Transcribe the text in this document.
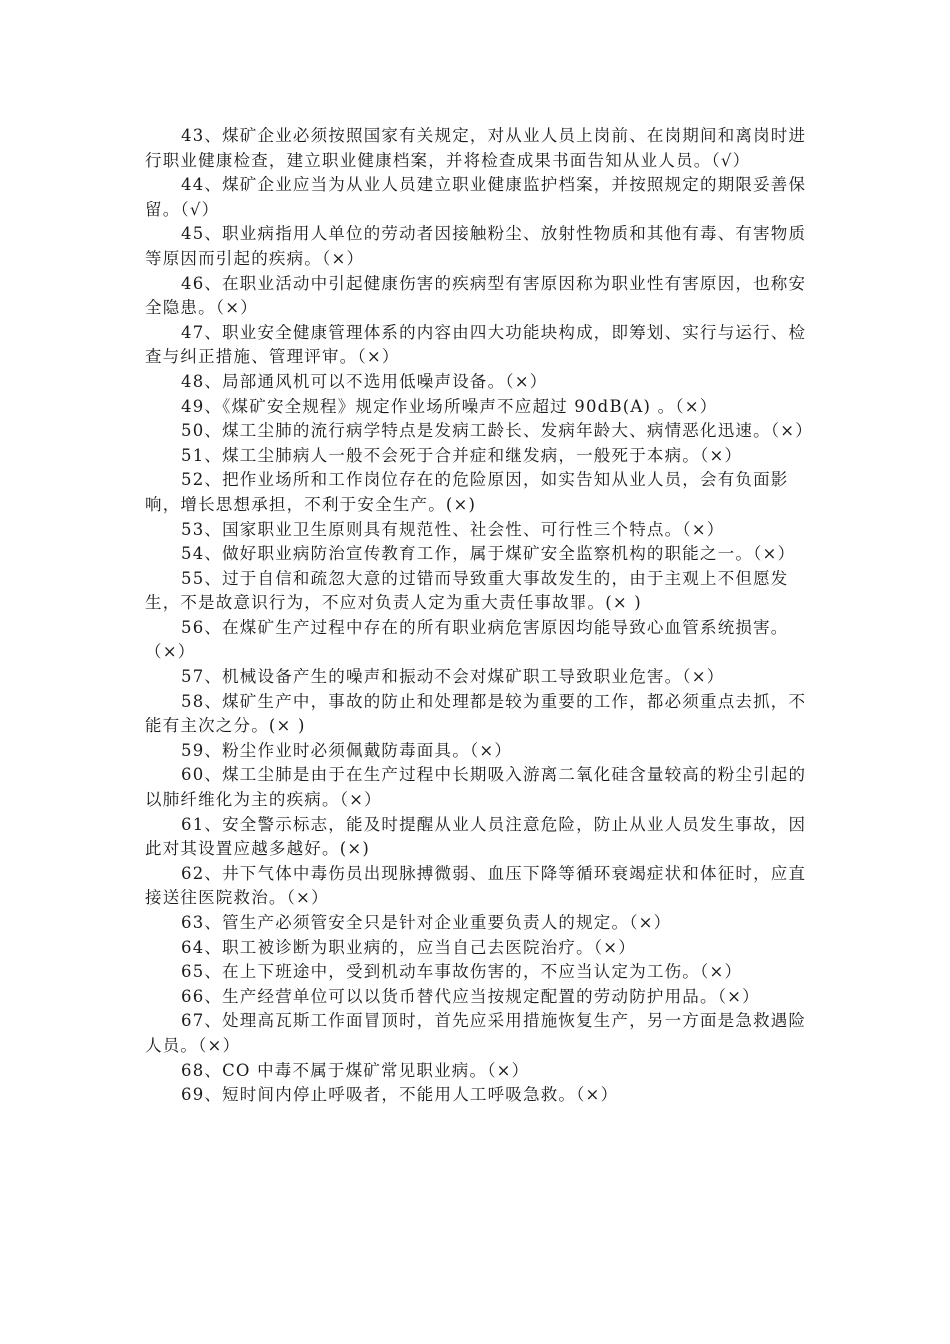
43、煤矿企业必须按照国家有关规定，对从业人员上岗前、在岗期间和离岗时进行职业健康检查，建立职业健康档案，并将检查成果书面告知从业人员。（√）

44、煤矿企业应当为从业人员建立职业健康监护档案，并按照规定的期限妥善保留。（√）

45、职业病指用人单位的劳动者因接触粉尘、放射性物质和其他有毒、有害物质等原因而引起的疾病。（×）

46、在职业活动中引起健康伤害的疾病型有害原因称为职业性有害原因，也称安全隐患。（×）

47、职业安全健康管理体系的内容由四大功能块构成，即筹划、实行与运行、检查与纠正措施、管理评审。（×）

48、局部通风机可以不选用低噪声设备。（×）

49、《煤矿安全规程》规定作业场所噪声不应超过 90dB(A) 。（×）

50、煤工尘肺的流行病学特点是发病工龄长、发病年龄大、病情恶化迅速。（×）

51、煤工尘肺病人一般不会死于合并症和继发病，一般死于本病。（×）

52、把作业场所和工作岗位存在的危险原因，如实告知从业人员，会有负面影响，增长思想承担，不利于安全生产。(×)

53、国家职业卫生原则具有规范性、社会性、可行性三个特点。（×）

54、做好职业病防治宣传教育工作，属于煤矿安全监察机构的职能之一。（×）

55、过于自信和疏忽大意的过错而导致重大事故发生的，由于主观上不但愿发生，不是故意识行为，不应对负责人定为重大责任事故罪。(× )

56、在煤矿生产过程中存在的所有职业病危害原因均能导致心血管系统损害。（×）

57、机械设备产生的噪声和振动不会对煤矿职工导致职业危害。（×）

58、煤矿生产中，事故的防止和处理都是较为重要的工作，都必须重点去抓，不能有主次之分。(× )

59、粉尘作业时必须佩戴防毒面具。（×）

60、煤工尘肺是由于在生产过程中长期吸入游离二氧化硅含量较高的粉尘引起的以肺纤维化为主的疾病。（×）

61、安全警示标志，能及时提醒从业人员注意危险，防止从业人员发生事故，因此对其设置应越多越好。(×)

62、井下气体中毒伤员出现脉搏微弱、血压下降等循环衰竭症状和体征时，应直接送往医院救治。（×）

63、管生产必须管安全只是针对企业重要负责人的规定。（×）

64、职工被诊断为职业病的，应当自己去医院治疗。（×）

65、在上下班途中，受到机动车事故伤害的，不应当认定为工伤。（×）

66、生产经营单位可以以货币替代应当按规定配置的劳动防护用品。（×）

67、处理高瓦斯工作面冒顶时，首先应采用措施恢复生产，另一方面是急救遇险人员。（×）

68、CO 中毒不属于煤矿常见职业病。（×）

69、短时间内停止呼吸者，不能用人工呼吸急救。（×）
